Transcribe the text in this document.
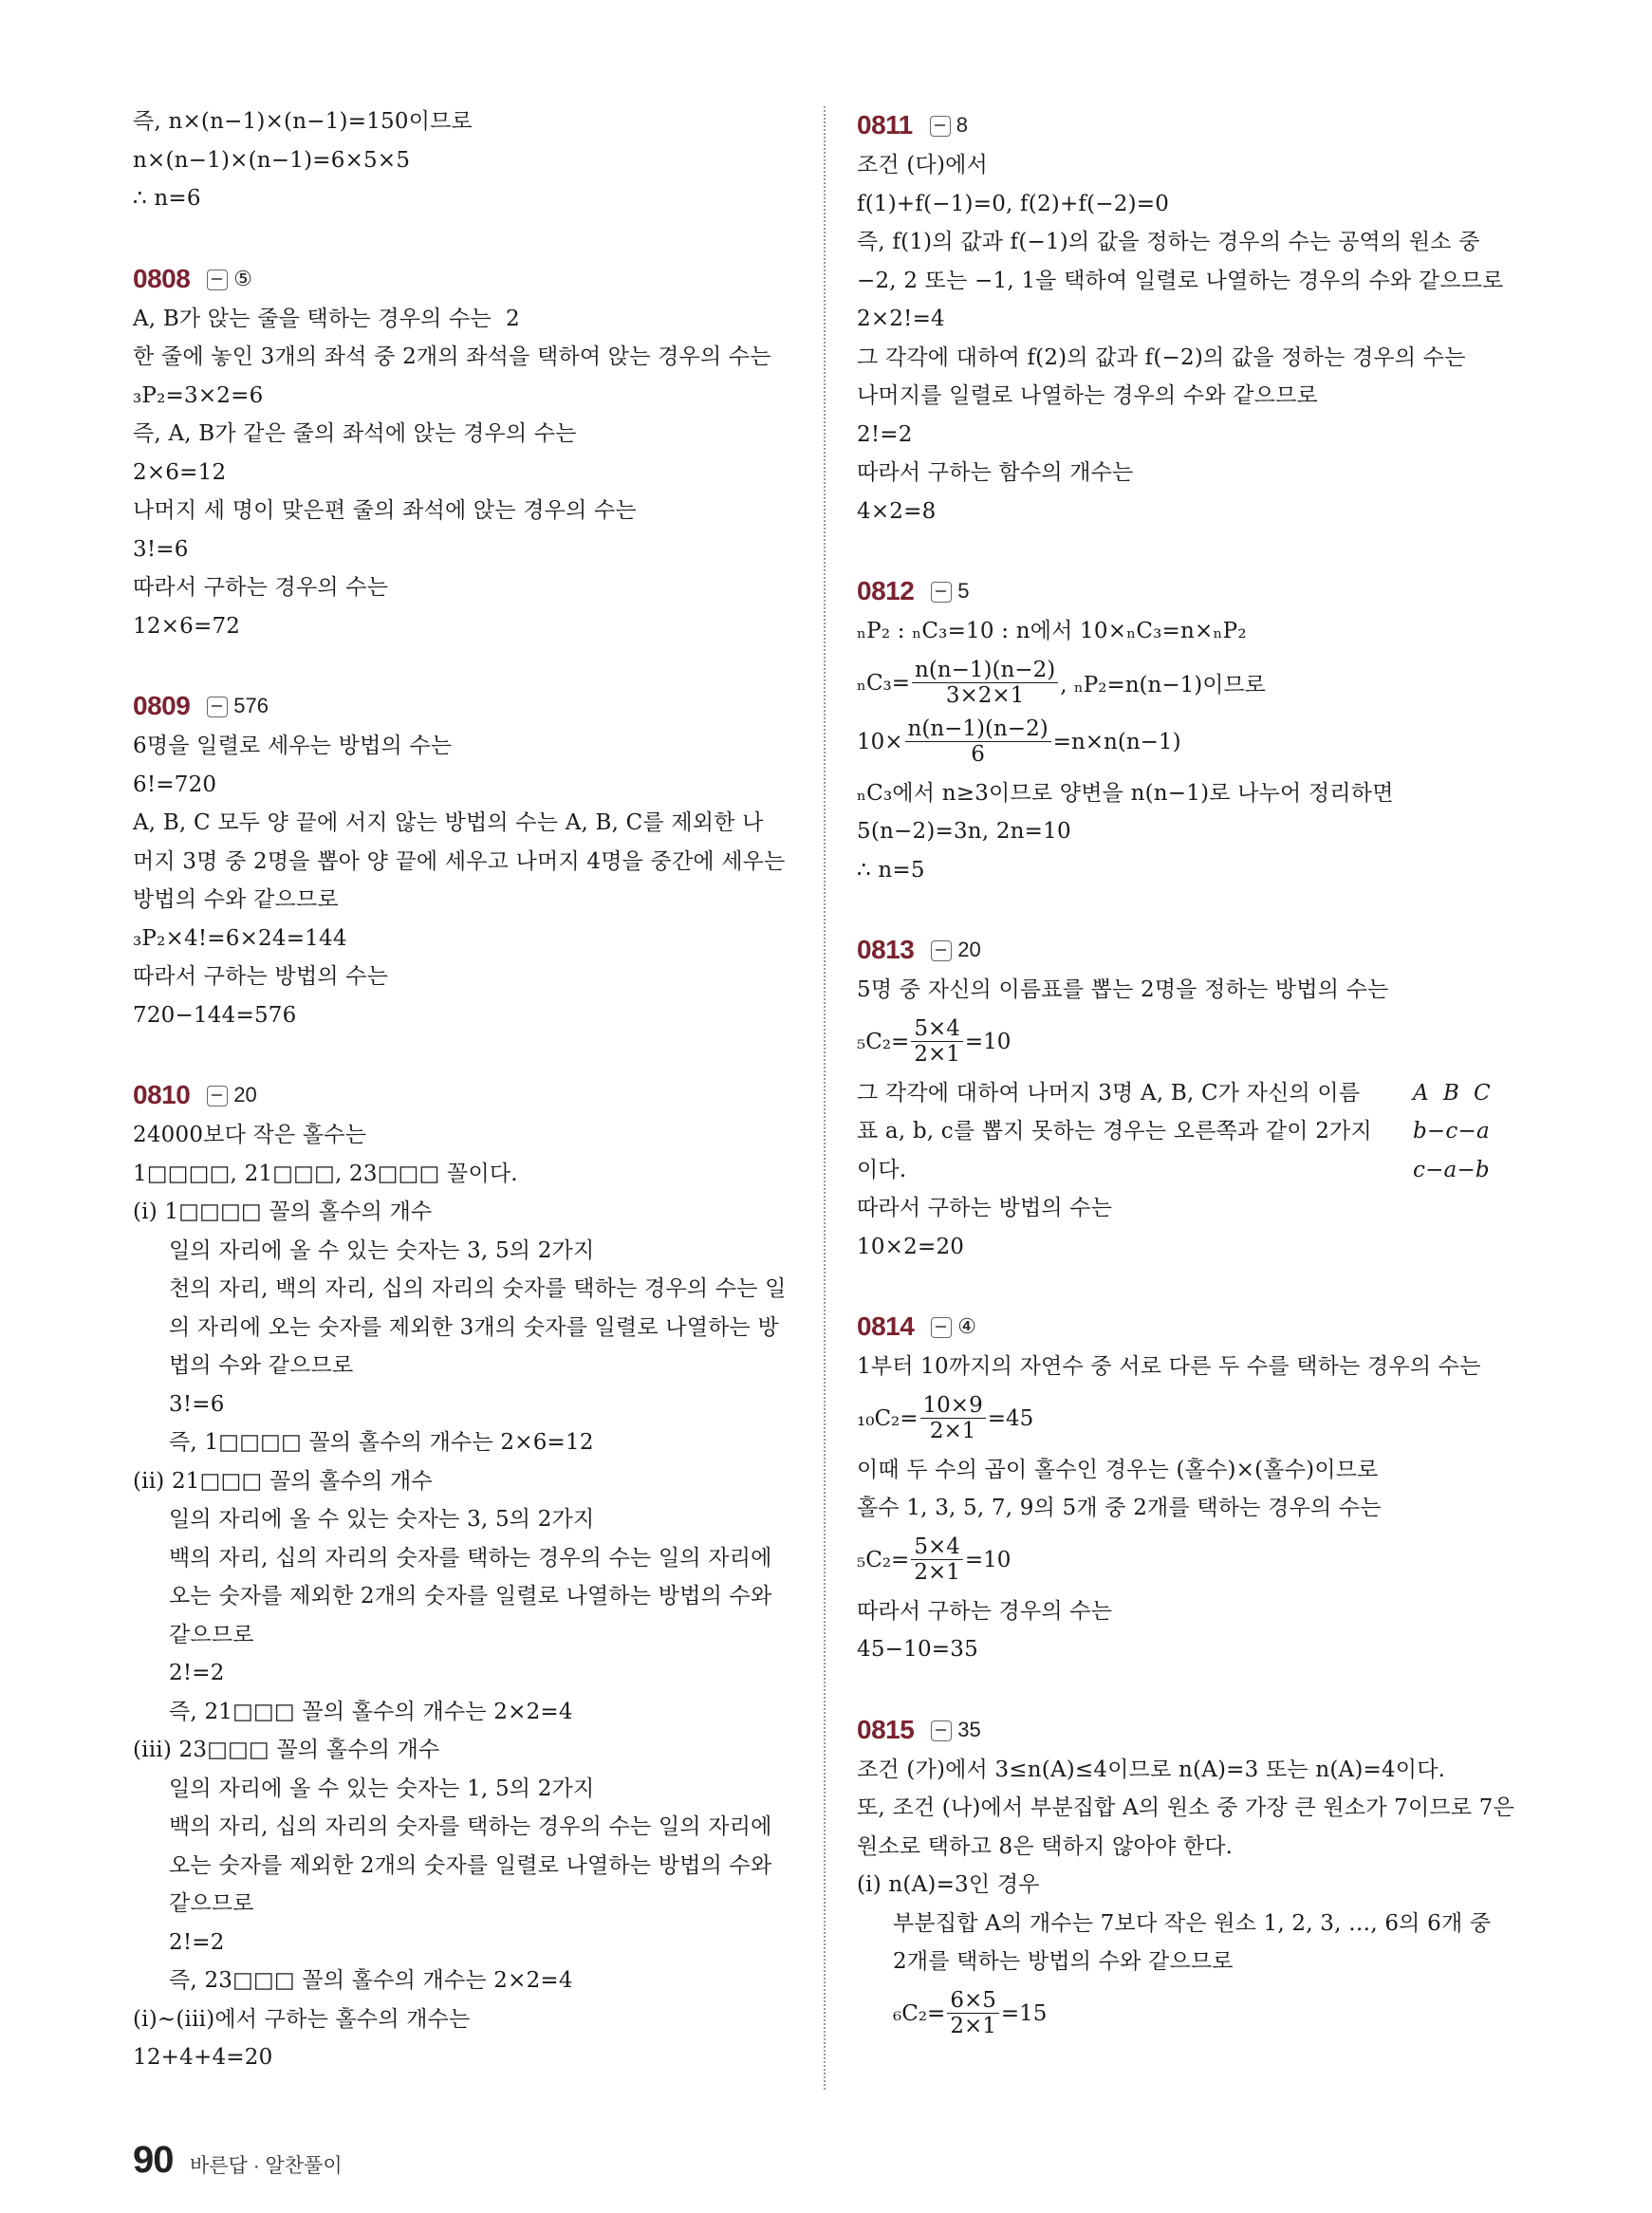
즉, n×(n−1)×(n−1)=150이므로
n×(n−1)×(n−1)=6×5×5
∴ n=6
0808 ⑤
A, B가 앉는 줄을 택하는 경우의 수는  2
한 줄에 놓인 3개의 좌석 중 2개의 좌석을 택하여 앉는 경우의 수는
₃P₂=3×2=6
즉, A, B가 같은 줄의 좌석에 앉는 경우의 수는
2×6=12
나머지 세 명이 맞은편 줄의 좌석에 앉는 경우의 수는
3!=6
따라서 구하는 경우의 수는
12×6=72
0809 576
6명을 일렬로 세우는 방법의 수는
6!=720
A, B, C 모두 양 끝에 서지 않는 방법의 수는 A, B, C를 제외한 나
머지 3명 중 2명을 뽑아 양 끝에 세우고 나머지 4명을 중간에 세우는
방법의 수와 같으므로
₃P₂×4!=6×24=144
따라서 구하는 방법의 수는
720−144=576
0810 20
24000보다 작은 홀수는
1□□□□, 21□□□, 23□□□ 꼴이다.
(i) 1□□□□ 꼴의 홀수의 개수
일의 자리에 올 수 있는 숫자는 3, 5의 2가지
천의 자리, 백의 자리, 십의 자리의 숫자를 택하는 경우의 수는 일
의 자리에 오는 숫자를 제외한 3개의 숫자를 일렬로 나열하는 방
법의 수와 같으므로
3!=6
즉, 1□□□□ 꼴의 홀수의 개수는 2×6=12
(ii) 21□□□ 꼴의 홀수의 개수
일의 자리에 올 수 있는 숫자는 3, 5의 2가지
백의 자리, 십의 자리의 숫자를 택하는 경우의 수는 일의 자리에
오는 숫자를 제외한 2개의 숫자를 일렬로 나열하는 방법의 수와
같으므로
2!=2
즉, 21□□□ 꼴의 홀수의 개수는 2×2=4
(iii) 23□□□ 꼴의 홀수의 개수
일의 자리에 올 수 있는 숫자는 1, 5의 2가지
백의 자리, 십의 자리의 숫자를 택하는 경우의 수는 일의 자리에
오는 숫자를 제외한 2개의 숫자를 일렬로 나열하는 방법의 수와
같으므로
2!=2
즉, 23□□□ 꼴의 홀수의 개수는 2×2=4
(i)~(iii)에서 구하는 홀수의 개수는
12+4+4=20
0811 8
조건 (다)에서
f(1)+f(−1)=0, f(2)+f(−2)=0
즉, f(1)의 값과 f(−1)의 값을 정하는 경우의 수는 공역의 원소 중
−2, 2 또는 −1, 1을 택하여 일렬로 나열하는 경우의 수와 같으므로
2×2!=4
그 각각에 대하여 f(2)의 값과 f(−2)의 값을 정하는 경우의 수는
나머지를 일렬로 나열하는 경우의 수와 같으므로
2!=2
따라서 구하는 함수의 개수는
4×2=8
0812 5
ₙP₂ : ₙC₃=10 : n에서 10×ₙC₃=n×ₙP₂
$_nC_3= \frac{n(n-1)(n-2)}{3\times 2\times 1}$ , ₙP₂=n(n−1)이므로
$10\times \frac{n(n-1)(n-2)}{6} =n\times n(n-1)$
ₙC₃에서 n≥3이므로 양변을 n(n−1)로 나누어 정리하면
5(n−2)=3n, 2n=10
∴ n=5
0813 20
5명 중 자신의 이름표를 뽑는 2명을 정하는 방법의 수는
$_5C_2= \frac{5\times 4}{2\times 1} =10$
그 각각에 대하여 나머지 3명 A, B, C가 자신의 이름 A  B  C
표 a, b, c를 뽑지 못하는 경우는 오른쪽과 같이 2가지 b−c−a
이다.	c−a−b
따라서 구하는 방법의 수는
10×2=20
0814 ④
1부터 10까지의 자연수 중 서로 다른 두 수를 택하는 경우의 수는
$_{10}C_2= \frac{10\times 9}{2\times 1} =45$
이때 두 수의 곱이 홀수인 경우는 (홀수)×(홀수)이므로
홀수 1, 3, 5, 7, 9의 5개 중 2개를 택하는 경우의 수는
$_5C_2= \frac{5\times 4}{2\times 1} =10$
따라서 구하는 경우의 수는
45−10=35
0815 35
조건 (가)에서 3≤n(A)≤4이므로 n(A)=3 또는 n(A)=4이다.
또, 조건 (나)에서 부분집합 A의 원소 중 가장 큰 원소가 7이므로 7은
원소로 택하고 8은 택하지 않아야 한다.
(i) n(A)=3인 경우
부분집합 A의 개수는 7보다 작은 원소 1, 2, 3, …, 6의 6개 중
2개를 택하는 방법의 수와 같으므로
$_6C_2= \frac{6\times 5}{2\times 1} =15$
90 바른답 · 알찬풀이
